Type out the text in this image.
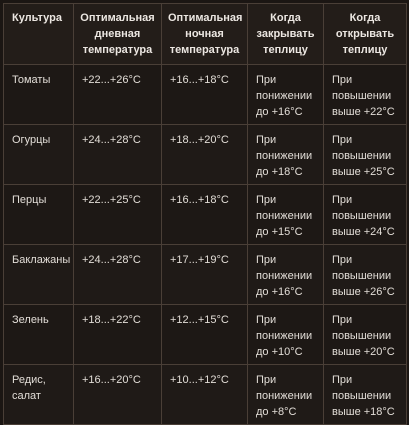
Культура	Оптимальная дневная температура	Оптимальная ночная температура	Когда закрывать теплицу	Когда открывать теплицу
Томаты	+22...+26°C	+16...+18°C	При понижении до +16°C	При повышении выше +22°C
Огурцы	+24...+28°C	+18...+20°C	При понижении до +18°C	При повышении выше +25°C
Перцы	+22...+25°C	+16...+18°C	При понижении до +15°C	При повышении выше +24°C
Баклажаны	+24...+28°C	+17...+19°C	При понижении до +16°C	При повышении выше +26°C
Зелень	+18...+22°C	+12...+15°C	При понижении до +10°C	При повышении выше +20°C
Редис, салат	+16...+20°C	+10...+12°C	При понижении до +8°C	При повышении выше +18°C
